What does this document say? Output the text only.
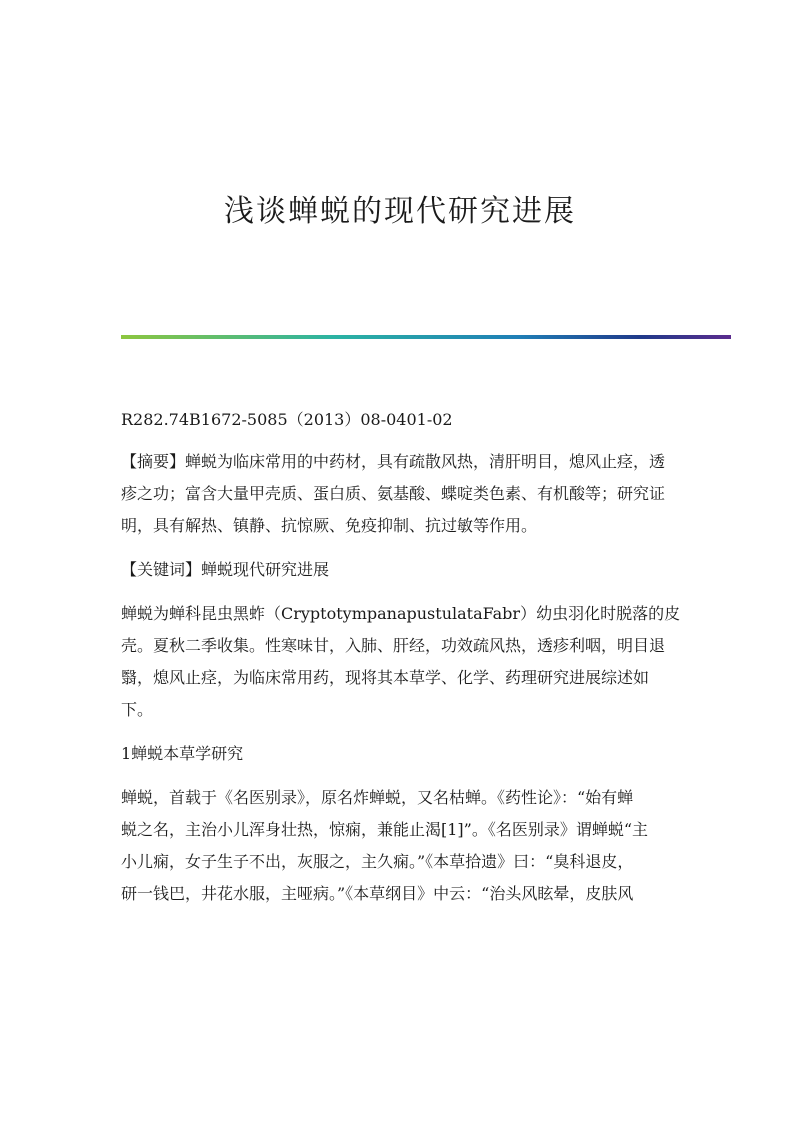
浅谈蝉蜕的现代研究进展

R282.74B1672-5085（2013）08-0401-02

【摘要】蝉蜕为临床常用的中药材，具有疏散风热，清肝明目，熄风止痉，透

疹之功；富含大量甲壳质、蛋白质、氨基酸、蝶啶类色素、有机酸等；研究证

明，具有解热、镇静、抗惊厥、免疫抑制、抗过敏等作用。

【关键词】蝉蜕现代研究进展

蝉蜕为蝉科昆虫黑蚱（CryptotympanapustulataFabr）幼虫羽化时脱落的皮

壳。夏秋二季收集。性寒味甘，入肺、肝经，功效疏风热，透疹利咽，明目退

翳，熄风止痉，为临床常用药，现将其本草学、化学、药理研究进展综述如

下。

1蝉蜕本草学研究

蝉蜕，首载于《名医别录》，原名炸蝉蜕，又名枯蝉。《药性论》：“始有蝉

蜕之名，主治小儿浑身壮热，惊痫，兼能止渴[1]”。《名医别录》谓蝉蜕“主

小儿痫，女子生子不出，灰服之，主久痫。”《本草拾遗》曰：“臭科退皮，

研一钱巴，井花水服，主哑病。”《本草纲目》中云：“治头风眩晕，皮肤风
